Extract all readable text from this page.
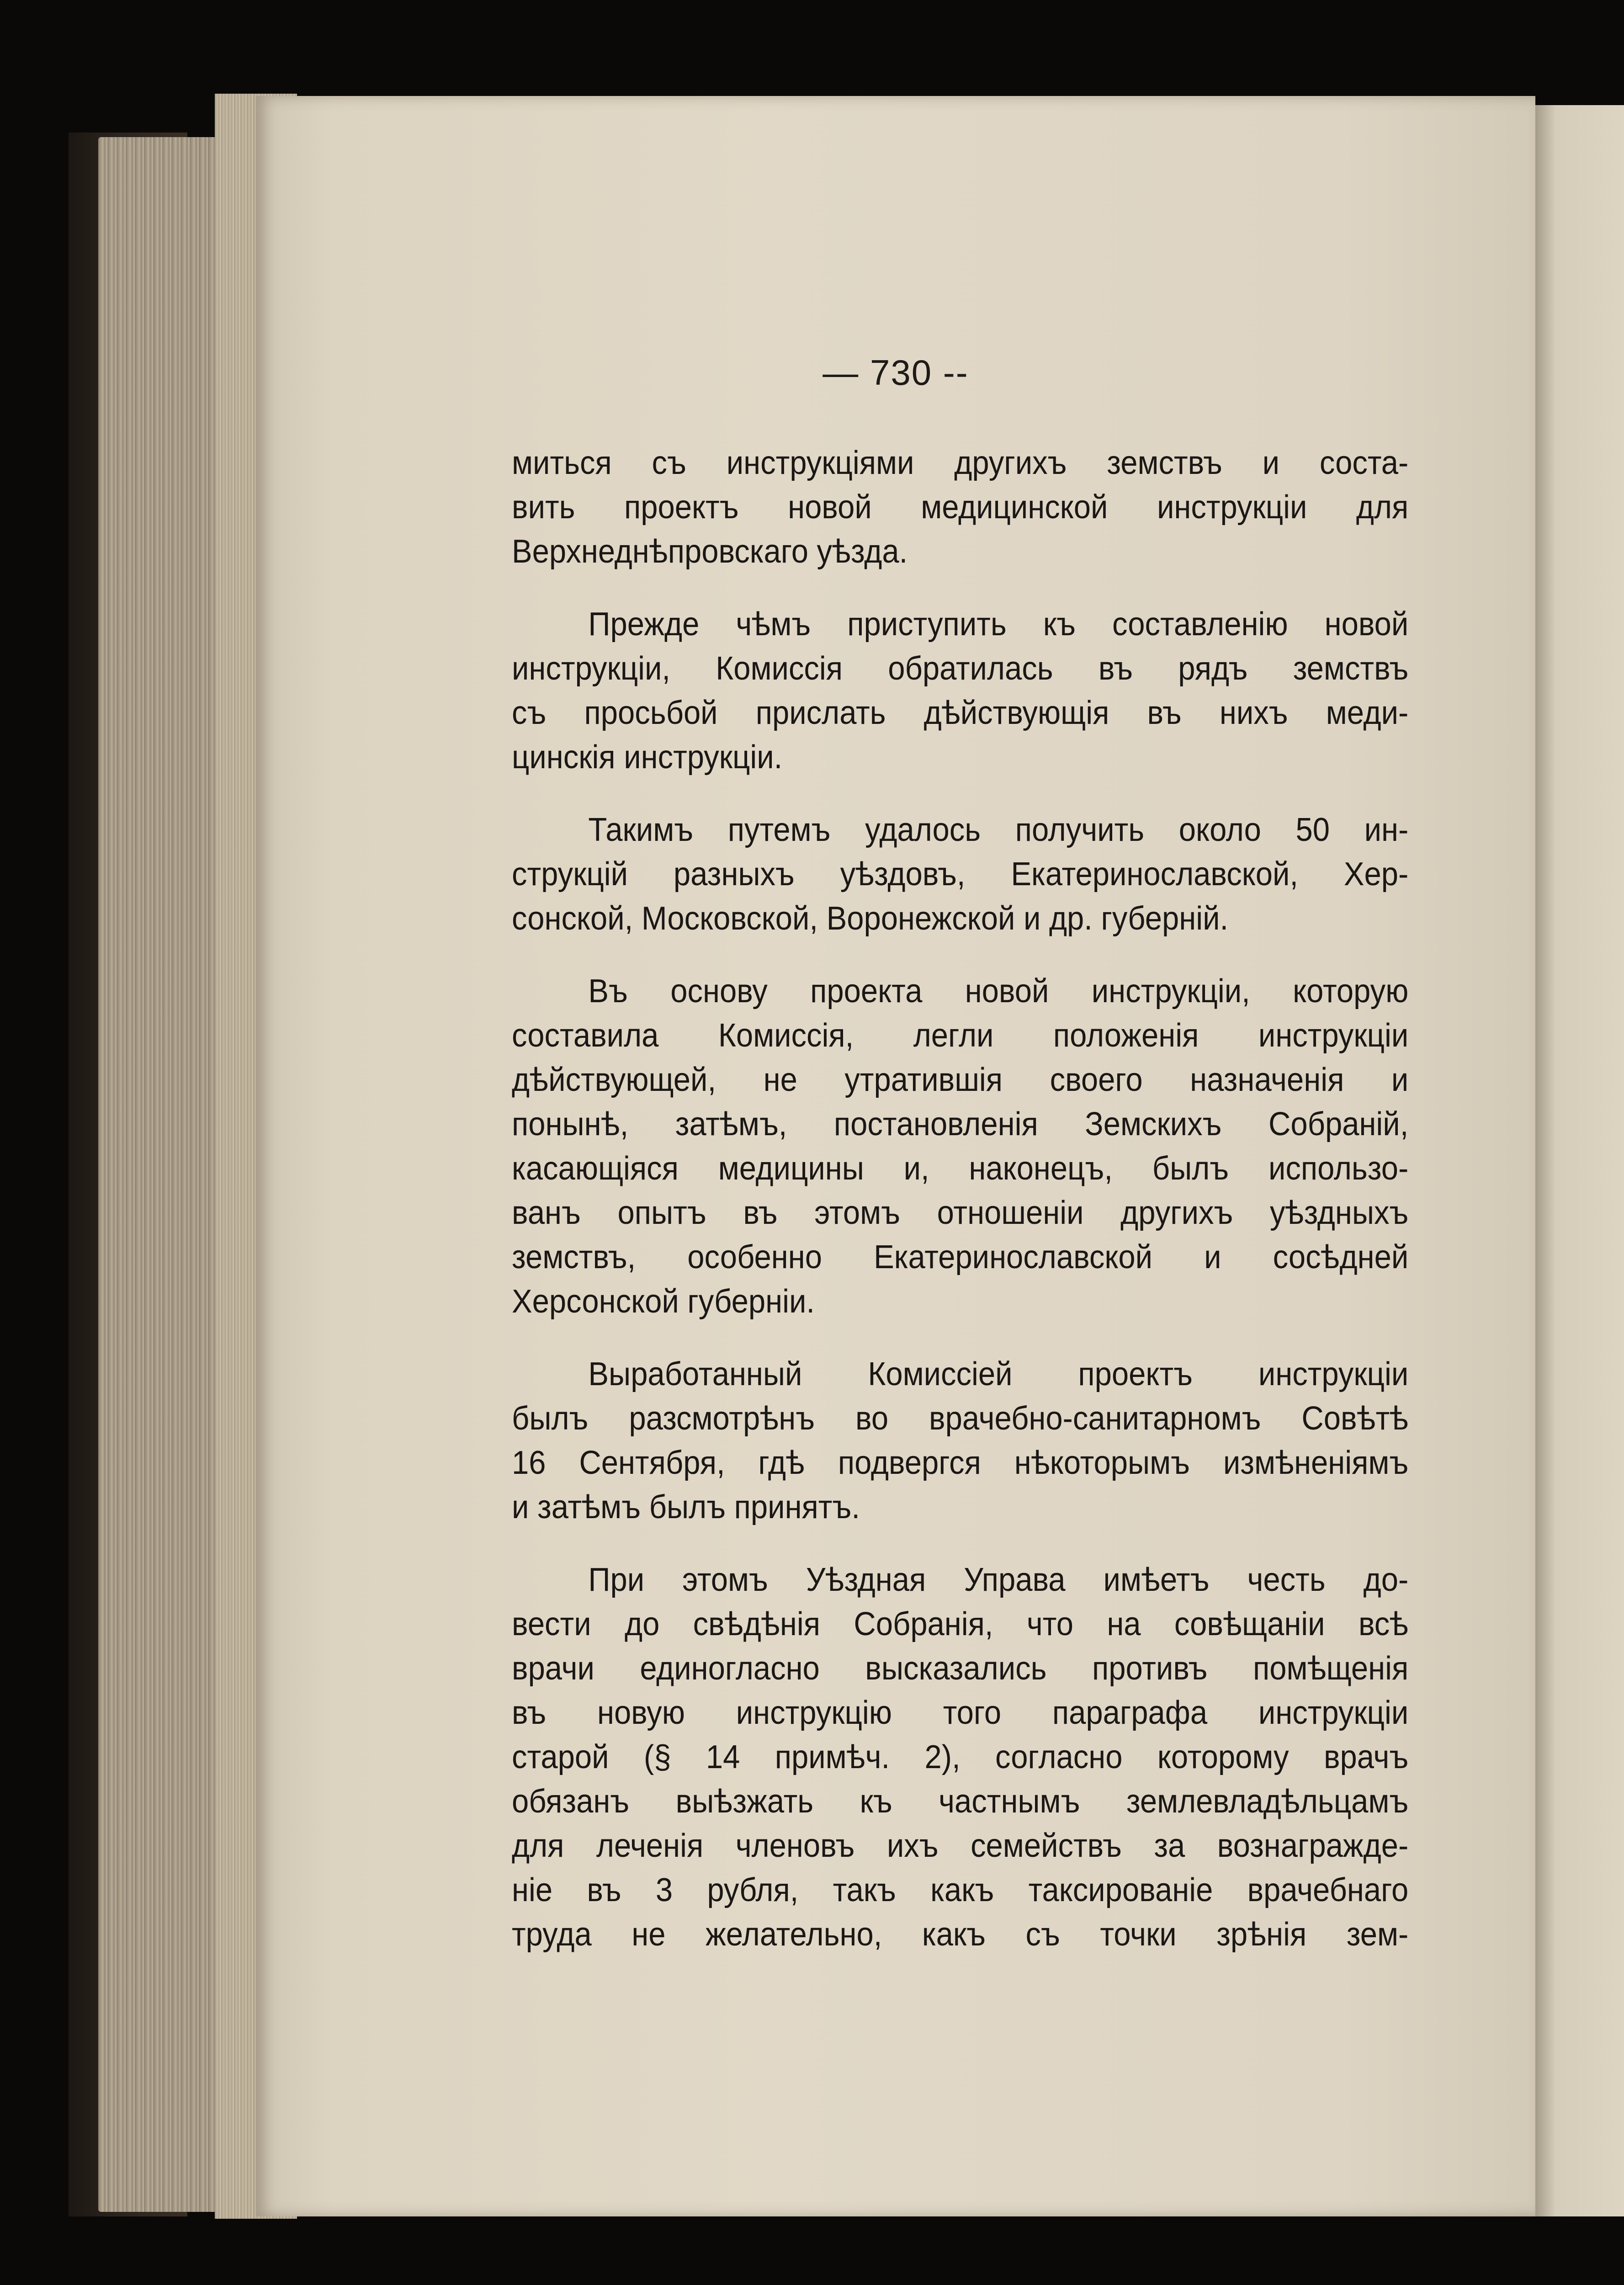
— 730 --
миться съ инструкціями другихъ земствъ и соста-
вить проектъ новой медицинской инструкціи для
Верхнеднѣпровскаго уѣзда.
Прежде чѣмъ приступить къ составленію новой
инструкціи, Комиссія обратилась въ рядъ земствъ
съ просьбой прислать дѣйствующія въ нихъ меди-
цинскія инструкціи.
Такимъ путемъ удалось получить около 50 ин-
струкцій разныхъ уѣздовъ, Екатеринославской, Хер-
сонской, Московской, Воронежской и др. губерній.
Въ основу проекта новой инструкціи, которую
составила Комиссія, легли положенія инструкціи
дѣйствующей, не утратившія своего назначенія и
понынѣ, затѣмъ, постановленія Земскихъ Собраній,
касающіяся медицины и, наконецъ, былъ использо-
ванъ опытъ въ этомъ отношеніи другихъ уѣздныхъ
земствъ, особенно Екатеринославской и сосѣдней
Херсонской губерніи.
Выработанный Комиссіей проектъ инструкціи
былъ разсмотрѣнъ во врачебно-санитарномъ Совѣтѣ
16 Сентября, гдѣ подвергся нѣкоторымъ измѣненіямъ
и затѣмъ былъ принятъ.
При этомъ Уѣздная Управа имѣетъ честь до-
вести до свѣдѣнія Собранія, что на совѣщаніи всѣ
врачи единогласно высказались противъ помѣщенія
въ новую инструкцію того параграфа инструкціи
старой (§ 14 примѣч. 2), согласно которому врачъ
обязанъ выѣзжать къ частнымъ землевладѣльцамъ
для леченія членовъ ихъ семействъ за вознагражде-
ніе въ 3 рубля, такъ какъ таксированіе врачебнаго
труда не желательно, какъ съ точки зрѣнія зем-
